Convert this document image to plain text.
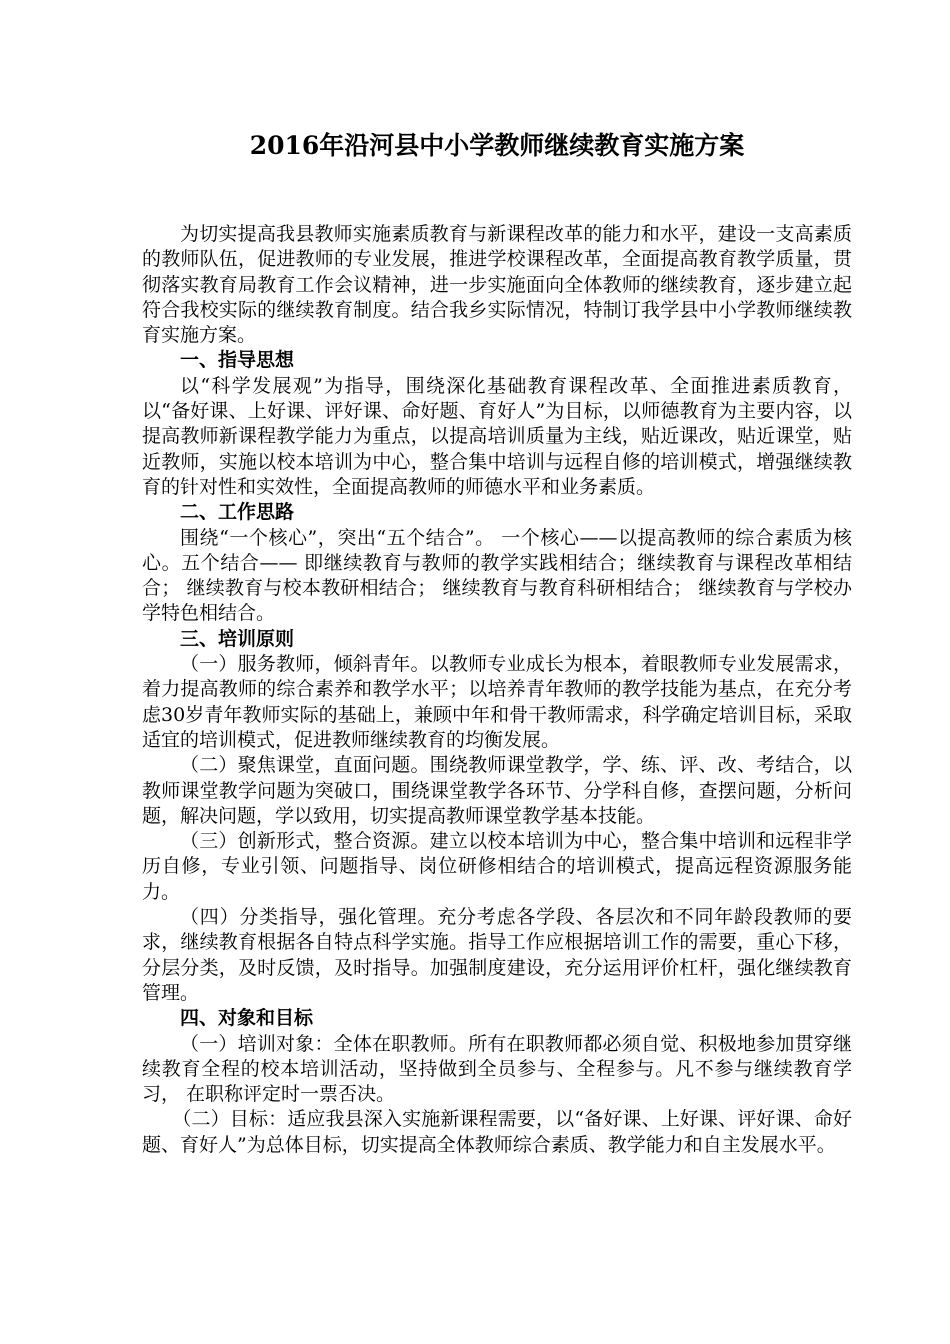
2016年沿河县中小学教师继续教育实施方案

为切实提高我县教师实施素质教育与新课程改革的能力和水平，建设一支高素质的教师队伍，促进教师的专业发展，推进学校课程改革，全面提高教育教学质量，贯彻落实教育局教育工作会议精神，进一步实施面向全体教师的继续教育，逐步建立起符合我校实际的继续教育制度。结合我乡实际情况，特制订我学县中小学教师继续教育实施方案。

一、指导思想

以“科学发展观”为指导，围绕深化基础教育课程改革、全面推进素质教育，以“备好课、上好课、评好课、命好题、育好人”为目标，以师德教育为主要内容，以提高教师新课程教学能力为重点，以提高培训质量为主线，贴近课改，贴近课堂，贴近教师，实施以校本培训为中心，整合集中培训与远程自修的培训模式，增强继续教育的针对性和实效性，全面提高教师的师德水平和业务素质。

二、工作思路

围绕“一个核心”，突出“五个结合”。 一个核心——以提高教师的综合素质为核心。五个结合—— 即继续教育与教师的教学实践相结合；继续教育与课程改革相结合； 继续教育与校本教研相结合； 继续教育与教育科研相结合； 继续教育与学校办学特色相结合。

三、培训原则

（一）服务教师，倾斜青年。以教师专业成长为根本，着眼教师专业发展需求，着力提高教师的综合素养和教学水平；以培养青年教师的教学技能为基点，在充分考虑30岁青年教师实际的基础上，兼顾中年和骨干教师需求，科学确定培训目标，采取适宜的培训模式，促进教师继续教育的均衡发展。

（二）聚焦课堂，直面问题。围绕教师课堂教学，学、练、评、改、考结合，以教师课堂教学问题为突破口，围绕课堂教学各环节、分学科自修，查摆问题，分析问题，解决问题，学以致用，切实提高教师课堂教学基本技能。

（三）创新形式，整合资源。建立以校本培训为中心，整合集中培训和远程非学历自修，专业引领、问题指导、岗位研修相结合的培训模式，提高远程资源服务能力。

（四）分类指导，强化管理。充分考虑各学段、各层次和不同年龄段教师的要求，继续教育根据各自特点科学实施。指导工作应根据培训工作的需要，重心下移，分层分类，及时反馈，及时指导。加强制度建设，充分运用评价杠杆，强化继续教育管理。

四、对象和目标

（一）培训对象：全体在职教师。所有在职教师都必须自觉、积极地参加贯穿继续教育全程的校本培训活动，坚持做到全员参与、全程参与。凡不参与继续教育学习， 在职称评定时一票否决。

（二）目标：适应我县深入实施新课程需要，以“备好课、上好课、评好课、命好题、育好人”为总体目标，切实提高全体教师综合素质、教学能力和自主发展水平。
